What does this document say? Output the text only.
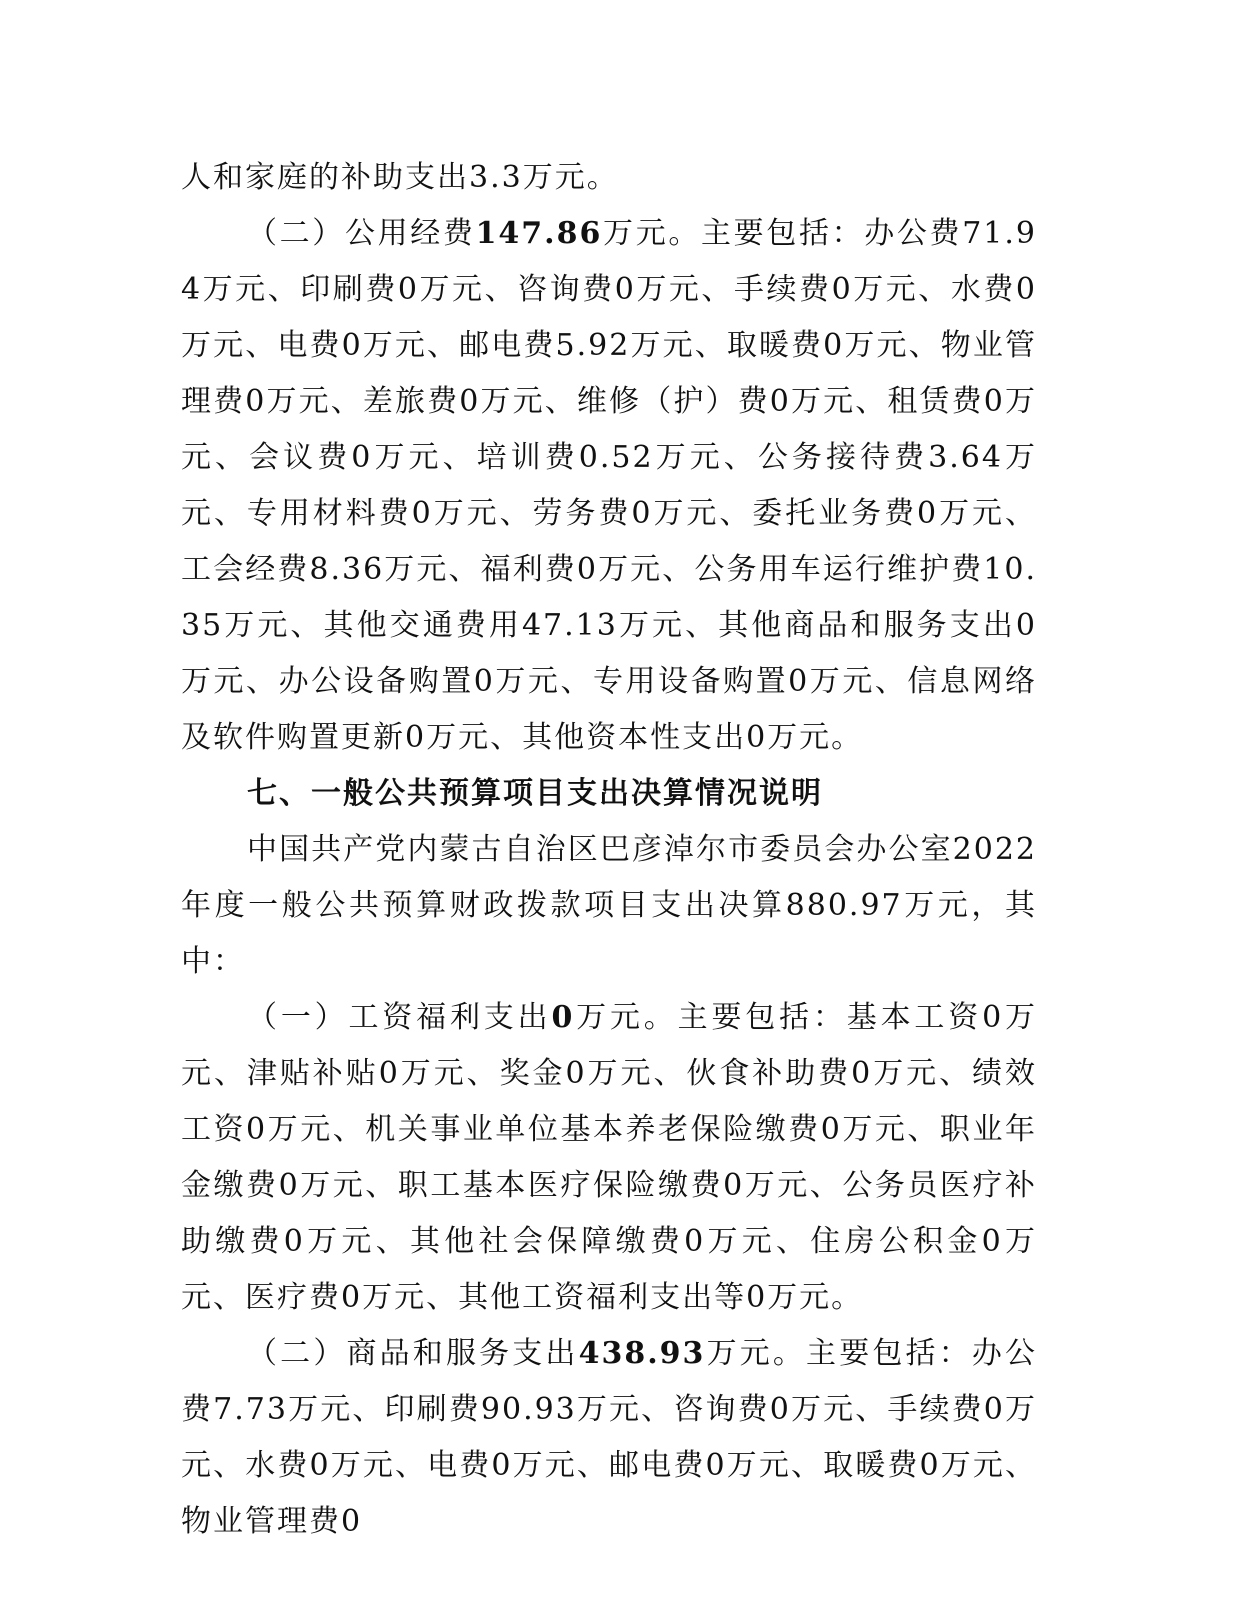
人和家庭的补助支出3.3万元。

（二）公用经费147.86万元。主要包括：办公费71.94万元、印刷费0万元、咨询费0万元、手续费0万元、水费0万元、电费0万元、邮电费5.92万元、取暖费0万元、物业管理费0万元、差旅费0万元、维修（护）费0万元、租赁费0万元、会议费0万元、培训费0.52万元、公务接待费3.64万元、专用材料费0万元、劳务费0万元、委托业务费0万元、工会经费8.36万元、福利费0万元、公务用车运行维护费10.35万元、其他交通费用47.13万元、其他商品和服务支出0万元、办公设备购置0万元、专用设备购置0万元、信息网络及软件购置更新0万元、其他资本性支出0万元。

七、一般公共预算项目支出决算情况说明

中国共产党内蒙古自治区巴彦淖尔市委员会办公室2022年度一般公共预算财政拨款项目支出决算880.97万元，其中：

（一）工资福利支出0万元。主要包括：基本工资0万元、津贴补贴0万元、奖金0万元、伙食补助费0万元、绩效工资0万元、机关事业单位基本养老保险缴费0万元、职业年金缴费0万元、职工基本医疗保险缴费0万元、公务员医疗补助缴费0万元、其他社会保障缴费0万元、住房公积金0万元、医疗费0万元、其他工资福利支出等0万元。

（二）商品和服务支出438.93万元。主要包括：办公费7.73万元、印刷费90.93万元、咨询费0万元、手续费0万元、水费0万元、电费0万元、邮电费0万元、取暖费0万元、物业管理费0
